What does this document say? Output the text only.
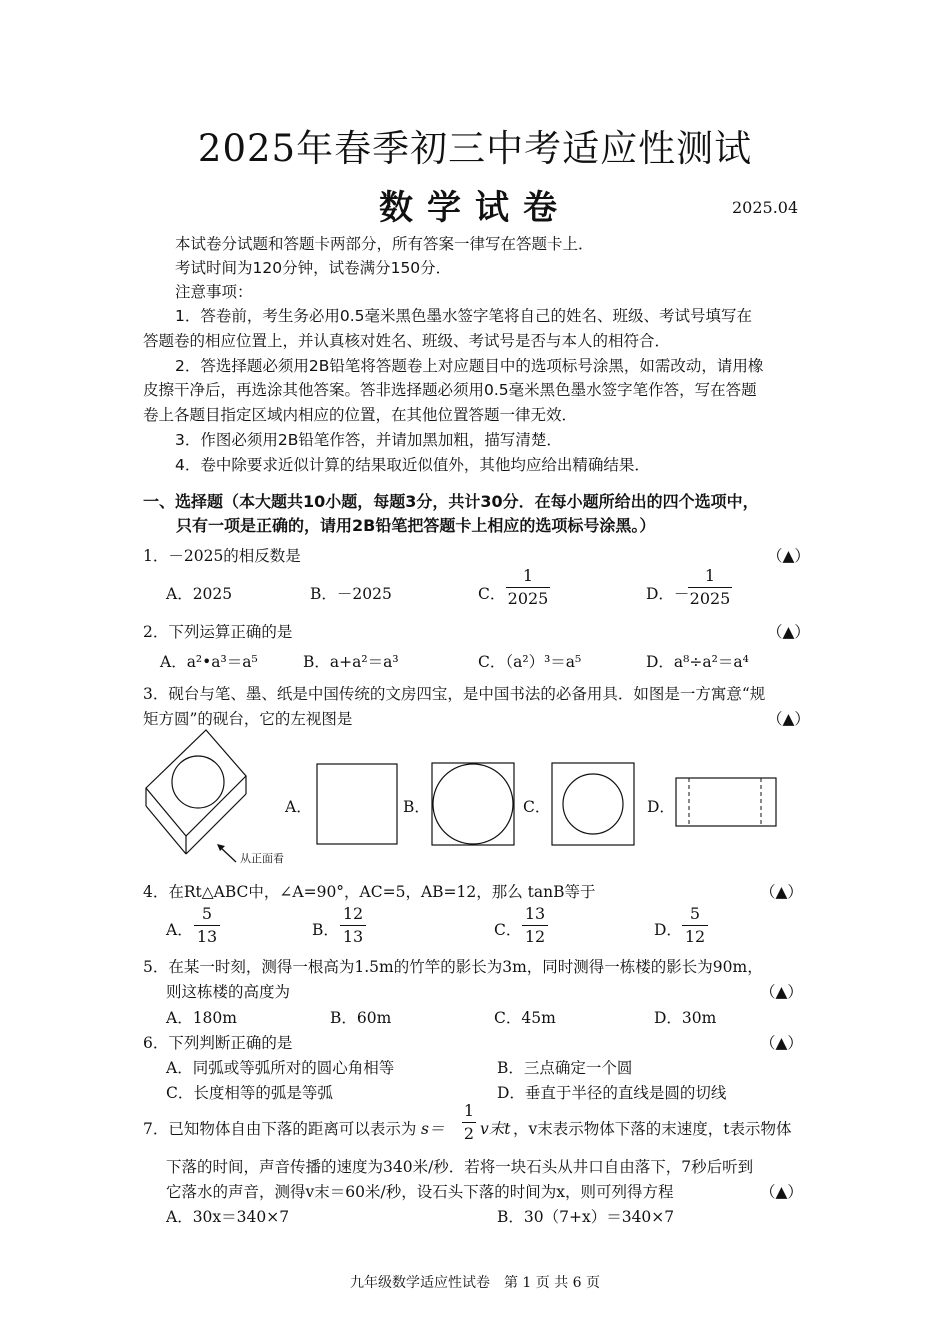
2025年春季初三中考适应性测试
数学试卷	2025.04
本试卷分试题和答题卡两部分，所有答案一律写在答题卡上．
考试时间为120分钟，试卷满分150分．
注意事项：
1．答卷前，考生务必用0.5毫米黑色墨水签字笔将自己的姓名、班级、考试号填写在
答题卷的相应位置上，并认真核对姓名、班级、考试号是否与本人的相符合．
2．答选择题必须用2B铅笔将答题卷上对应题目中的选项标号涂黑，如需改动，请用橡
皮擦干净后，再选涂其他答案。答非选择题必须用0.5毫米黑色墨水签字笔作答，写在答题
卷上各题目指定区域内相应的位置，在其他位置答题一律无效．
3．作图必须用2B铅笔作答，并请加黑加粗，描写清楚．
4．卷中除要求近似计算的结果取近似值外，其他均应给出精确结果．
一、选择题（本大题共10小题，每题3分，共计30分．在每小题所给出的四个选项中，
只有一项是正确的，请用2B铅笔把答题卡上相应的选项标号涂黑。）
1．－2025的相反数是	（▲）
A．2025	B．－2025	C．
1
2025	D．－
1
2025
2．下列运算正确的是	（▲）
A．a²•a³＝a⁵	B．a+a²＝a³	C．（a²）³＝a⁵	D．a⁸÷a²＝a⁴
3．砚台与笔、墨、纸是中国传统的文房四宝，是中国书法的必备用具．如图是一方寓意“规
矩方圆”的砚台，它的左视图是	（▲）
从正面看
A．	B．	C．	D．
4．在Rt△ABC中，∠A=90°，AC=5，AB=12，那么 tanB等于	（▲）
A．
5
13	B．
12
13	C．
13
12	D．
5
12
5．在某一时刻，测得一根高为1.5m的竹竿的影长为3m，同时测得一栋楼的影长为90m，
则这栋楼的高度为	（▲）
A．180m	B．60m	C．45m	D．30m
6．下列判断正确的是	（▲）
A．同弧或等弧所对的圆心角相等	B．三点确定一个圆
C．长度相等的弧是等弧	D．垂直于半径的直线是圆的切线
7．已知物体自由下落的距离可以表示为 s＝
1
2 v末t ，v末表示物体下落的末速度，t表示物体
下落的时间，声音传播的速度为340米/秒．若将一块石头从井口自由落下，7秒后听到
它落水的声音，测得v末＝60米/秒，设石头下落的时间为x，则可列得方程	（▲）
A．30x＝340×7	B．30（7+x）＝340×7
九年级数学适应性试卷　第 1 页 共 6 页
